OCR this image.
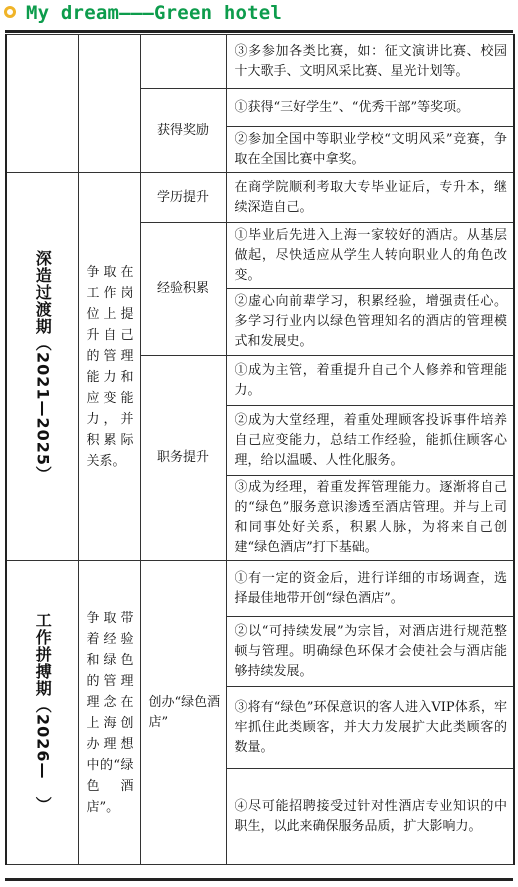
My dream———Green hotel
			③多参加各类比赛，如：征文演讲比赛、校园十大歌手、文明风采比赛、星光计划等。
		获得奖励	①获得“三好学生”、“优秀干部”等奖项。
			②参加全国中等职业学校“文明风采”竞赛，争取在全国比赛中拿奖。

深造过渡期（2021—2025）	争取在工作岗位上提升自己的管理能力和应变能力，并积累际关系。	学历提升	在商学院顺利考取大专毕业证后，专升本，继续深造自己。
		经验积累	①毕业后先进入上海一家较好的酒店。从基层做起，尽快适应从学生人转向职业人的角色改变。
			②虚心向前辈学习，积累经验，增强责任心。多学习行业内以绿色管理知名的酒店的管理模式和发展史。
		职务提升	①成为主管，着重提升自己个人修养和管理能力。
			②成为大堂经理，着重处理顾客投诉事件培养自己应变能力，总结工作经验，能抓住顾客心理，给以温暖、人性化服务。
			③成为经理，着重发挥管理能力。逐渐将自己的“绿色”服务意识渗透至酒店管理。并与上司和同事处好关系，积累人脉，为将来自己创建“绿色酒店”打下基础。

工作拼搏期（2026—　）	争取带着经验和绿色的管理理念在上海创办理想中的“绿色酒店”。	创办“绿色酒店”	①有一定的资金后，进行详细的市场调查，选择最佳地带开创“绿色酒店”。
			②以“可持续发展”为宗旨，对酒店进行规范整顿与管理。明确绿色环保才会使社会与酒店能够持续发展。
			③将有“绿色”环保意识的客人进入VIP体系，牢牢抓住此类顾客，并大力发展扩大此类顾客的数量。
			④尽可能招聘接受过针对性酒店专业知识的中职生，以此来确保服务品质，扩大影响力。
